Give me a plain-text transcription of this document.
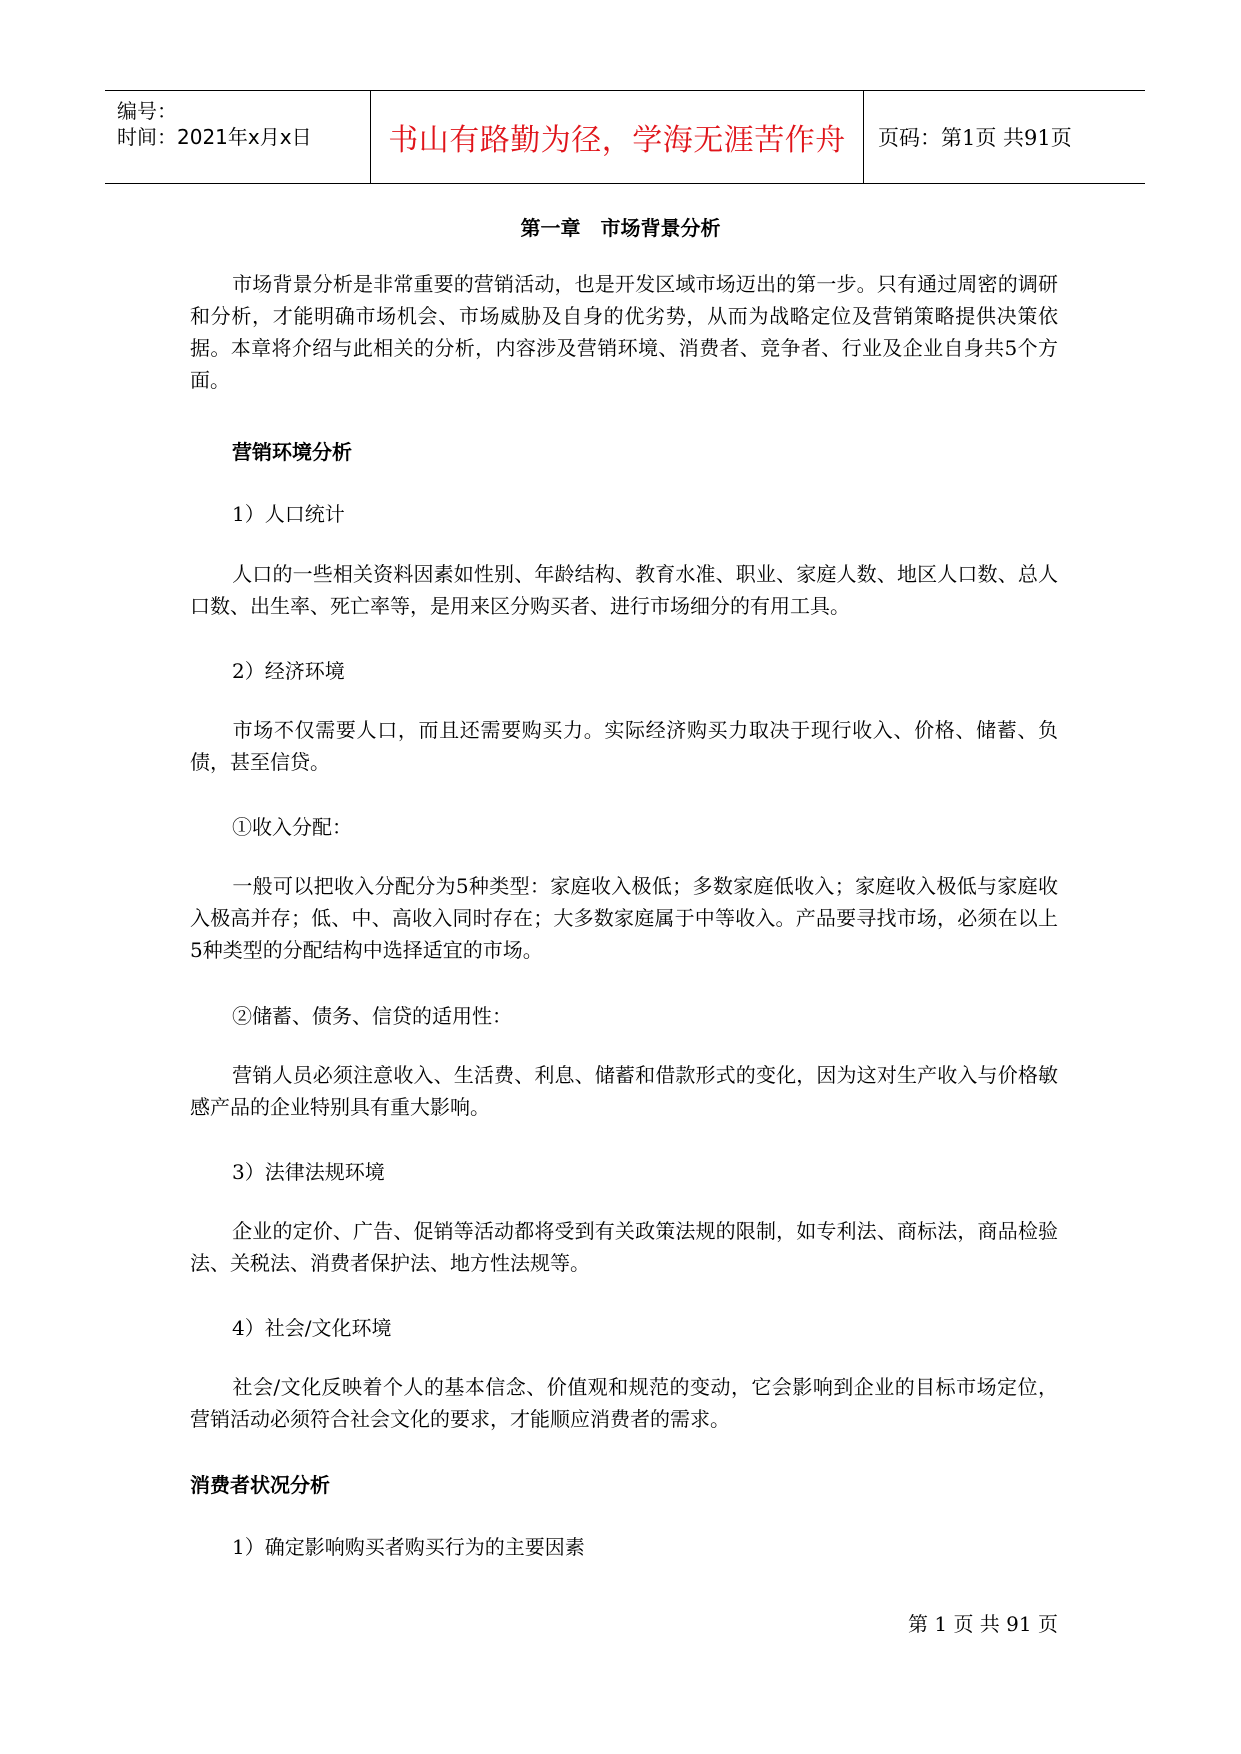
编号：
时间：2021年x月x日	书山有路勤为径，学海无涯苦作舟 页码：第1页 共91页
第一章　市场背景分析
市场背景分析是非常重要的营销活动，也是开发区域市场迈出的第一步。只有通过周密的调研和分析，才能明确市场机会、市场威胁及自身的优劣势，从而为战略定位及营销策略提供决策依据。本章将介绍与此相关的分析，内容涉及营销环境、消费者、竞争者、行业及企业自身共5个方面。
营销环境分析
1）人口统计
人口的一些相关资料因素如性别、年龄结构、教育水准、职业、家庭人数、地区人口数、总人口数、出生率、死亡率等，是用来区分购买者、进行市场细分的有用工具。
2）经济环境
市场不仅需要人口，而且还需要购买力。实际经济购买力取决于现行收入、价格、储蓄、负债，甚至信贷。
①收入分配：
一般可以把收入分配分为5种类型：家庭收入极低；多数家庭低收入；家庭收入极低与家庭收入极高并存；低、中、高收入同时存在；大多数家庭属于中等收入。产品要寻找市场，必须在以上5种类型的分配结构中选择适宜的市场。
②储蓄、债务、信贷的适用性：
营销人员必须注意收入、生活费、利息、储蓄和借款形式的变化，因为这对生产收入与价格敏感产品的企业特别具有重大影响。
3）法律法规环境
企业的定价、广告、促销等活动都将受到有关政策法规的限制，如专利法、商标法，商品检验法、关税法、消费者保护法、地方性法规等。
4）社会/文化环境
社会/文化反映着个人的基本信念、价值观和规范的变动，它会影响到企业的目标市场定位，营销活动必须符合社会文化的要求，才能顺应消费者的需求。
消费者状况分析
1）确定影响购买者购买行为的主要因素
第 1 页 共 91 页
